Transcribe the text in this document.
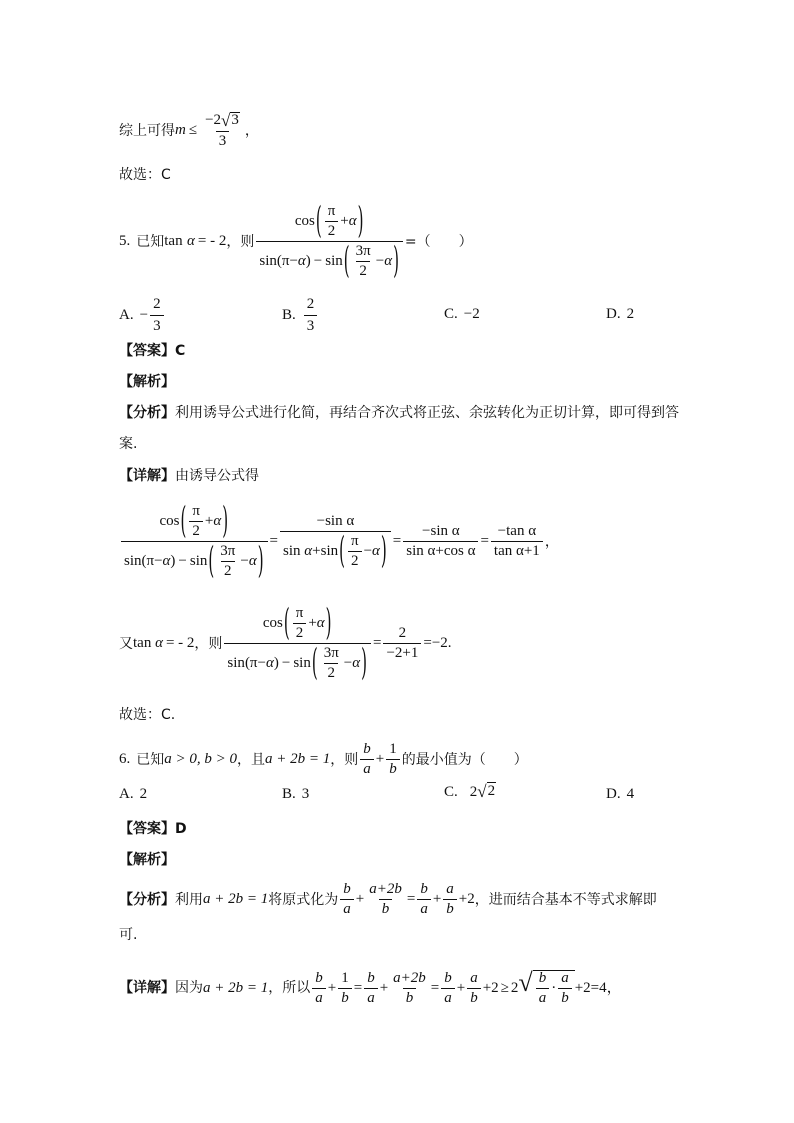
综上可得 $m \le \frac{-2 √ 3}{3}$ ，
故选：C
5. 已知 tan
α = - 2 ，则 $\frac{\cos ( \frac{\pi}{2} + \alpha )}{\sin (\pi- \alpha ) - \sin ( \frac{3\pi}{2} - \alpha )}$ =（　　）
A. − $\frac{2}{3}$	B. $\frac{2}{3}$	C. −2	D. 2
【答案】C
【解析】
【分析】 利用诱导公式进行化简，再结合齐次式将正弦、余弦转化为正切计算，即可得到答
案.
【详解】 由诱导公式得
$\frac{\cos ( \frac{\pi}{2} + \alpha )}{\sin (\pi- \alpha ) - \sin ( \frac{3\pi}{2} - \alpha )} = -\sin$ α
sin
α + sin ( $\frac{\pi}{2} - \alpha$ ) = $\frac{\text{−sin α}}{\text{sin α+cos α}} = \frac{\text{−tan α}}{\text{tan α+1}}$ ，
又 tan
α = - 2 ，则 $\frac{\cos ( \frac{\pi}{2} + \alpha )}{\sin (\pi- \alpha ) - \sin ( \frac{3\pi}{2} - \alpha )} = \frac{2}{-2+1} =-2$.
故选：C.
6. 已知 a > 0, b > 0 ，且 a + 2b = 1 ，则 $\frac{b}{a} + \frac{1}{b}$ 的最小值为（　　）
A. 2	B. 3	C. 2 √ 2	D. 4
【答案】D
【解析】
【分析】 利用 a + 2b = 1 将原式化为 $\frac{b}{a} + \frac{a+2b}{b} = \frac{b}{a} + \frac{a}{b} +2$ ，进而结合基本不等式求解即
可.
【详解】 因为 a + 2b = 1 ，所以 $\frac{b}{a} + \frac{1}{b} = \frac{b}{a} + \frac{a+2b}{b} = \frac{b}{a} + \frac{a}{b} +2 \ge 2$ √ $\frac{b}{a} \cdot \frac{a}{b} +2=4$，
